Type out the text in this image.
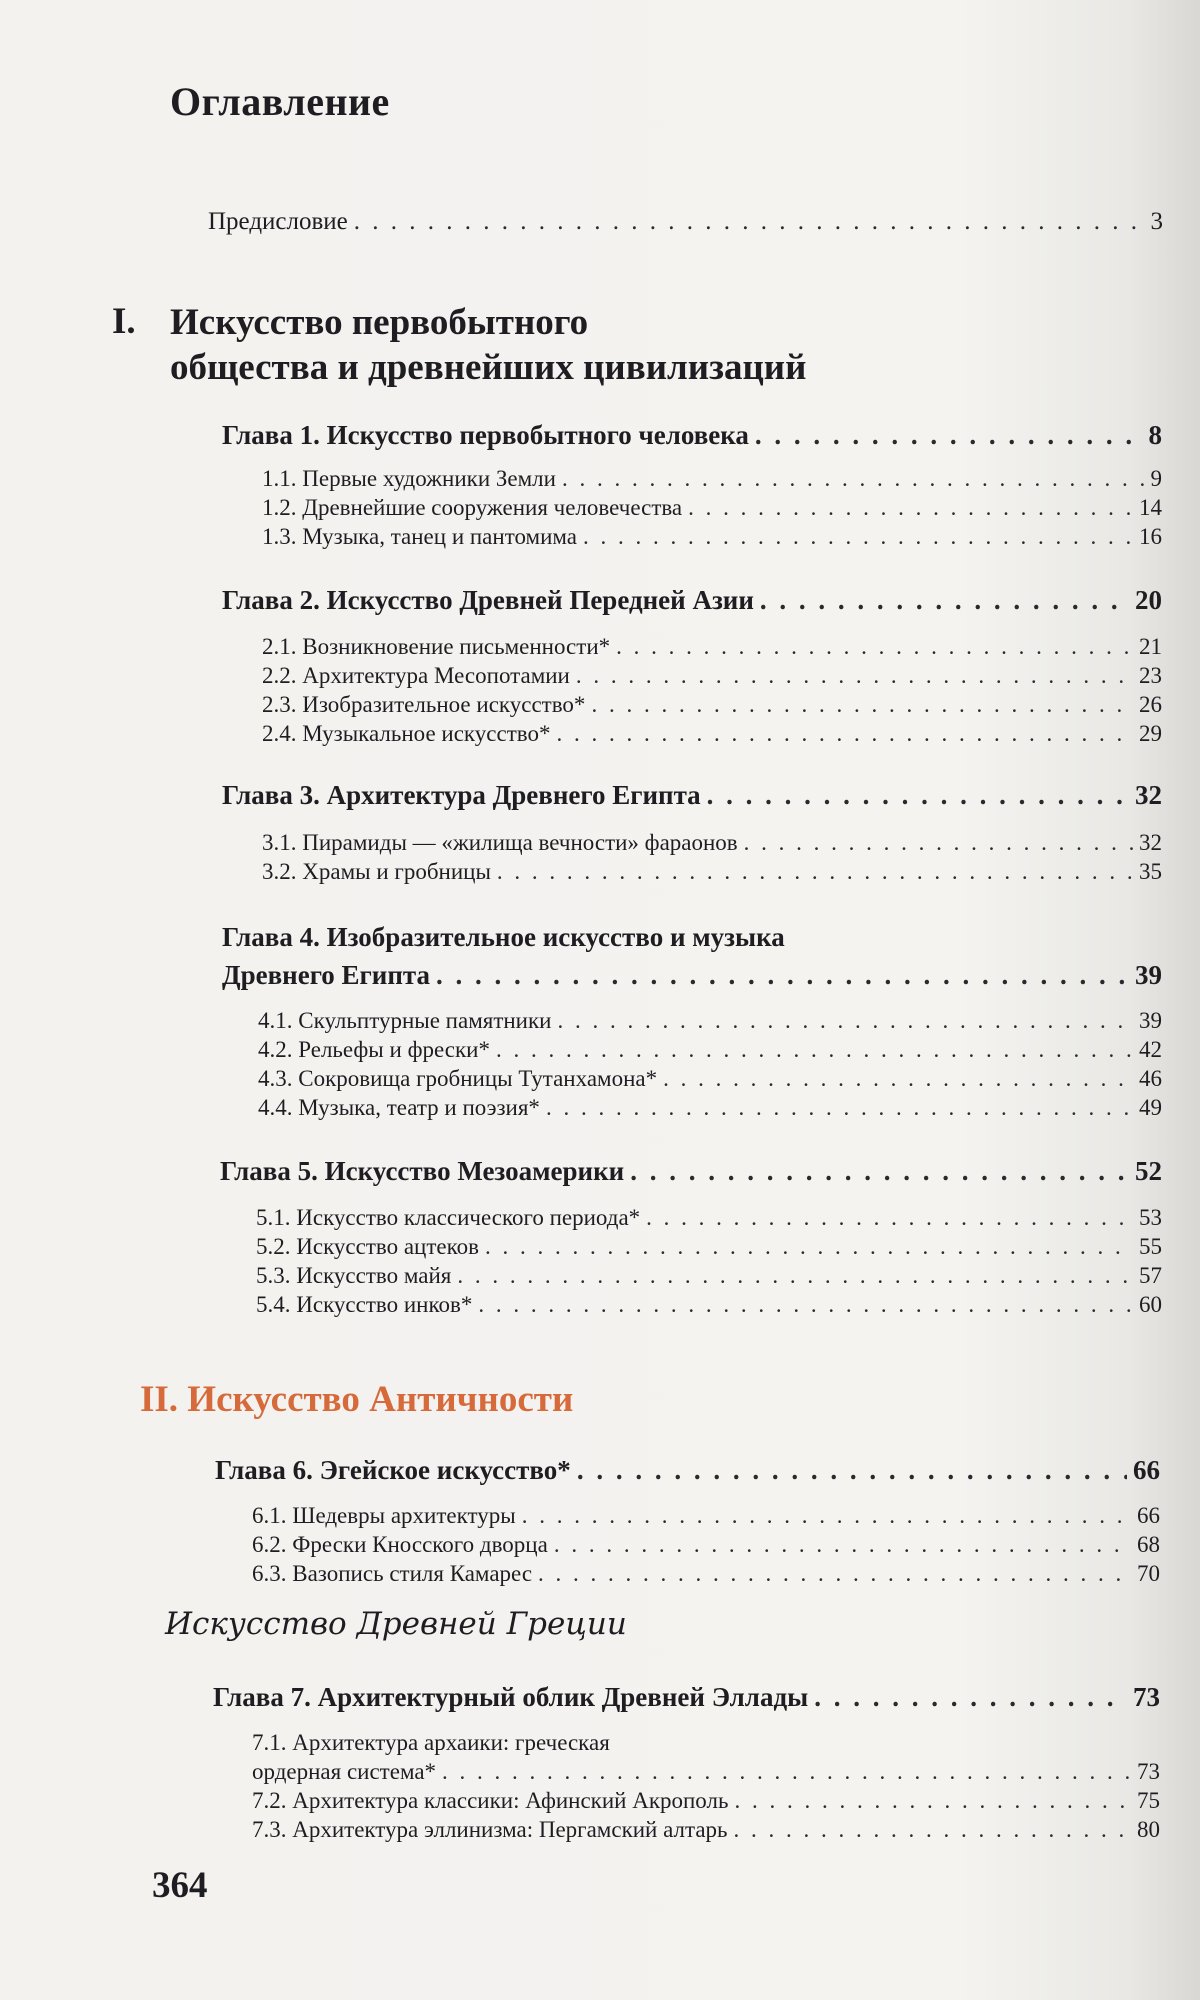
Оглавление
Предисловие . . .	3
I. Искусство первобытного
общества и древнейших цивилизаций
Глава 1. Искусство первобытного человека . . .	8
1.1. Первые художники Земли . . .	9
1.2. Древнейшие сооружения человечества . . .	14
1.3. Музыка, танец и пантомима . . .	16
Глава 2. Искусство Древней Передней Азии . . .	20
2.1. Возникновение письменности* . . .	21
2.2. Архитектура Месопотамии . . .	23
2.3. Изобразительное искусство* . . .	26
2.4. Музыкальное искусство* . . .	29
Глава 3. Архитектура Древнего Египта . . .	32
3.1. Пирамиды — «жилища вечности» фараонов . . .	32
3.2. Храмы и гробницы . . .	35
Глава 4. Изобразительное искусство и музыка
Древнего Египта . . .	39
4.1. Скульптурные памятники . . .	39
4.2. Рельефы и фрески* . . .	42
4.3. Сокровища гробницы Тутанхамона* . . .	46
4.4. Музыка, театр и поэзия* . . .	49
Глава 5. Искусство Мезоамерики . . .	52
5.1. Искусство классического периода* . . .	53
5.2. Искусство ацтеков . . .	55
5.3. Искусство майя . . .	57
5.4. Искусство инков* . . .	60
II. Искусство Античности
Глава 6. Эгейское искусство* . . .	66
6.1. Шедевры архитектуры . . .	66
6.2. Фрески Кносского дворца . . .	68
6.3. Вазопись стиля Камарес . . .	70
Искусство Древней Греции
Глава 7. Архитектурный облик Древней Эллады . . .	73
7.1. Архитектура архаики: греческая
ордерная система* . . .	73
7.2. Архитектура классики: Афинский Акрополь . . .	75
7.3. Архитектура эллинизма: Пергамский алтарь . . .	80
364
